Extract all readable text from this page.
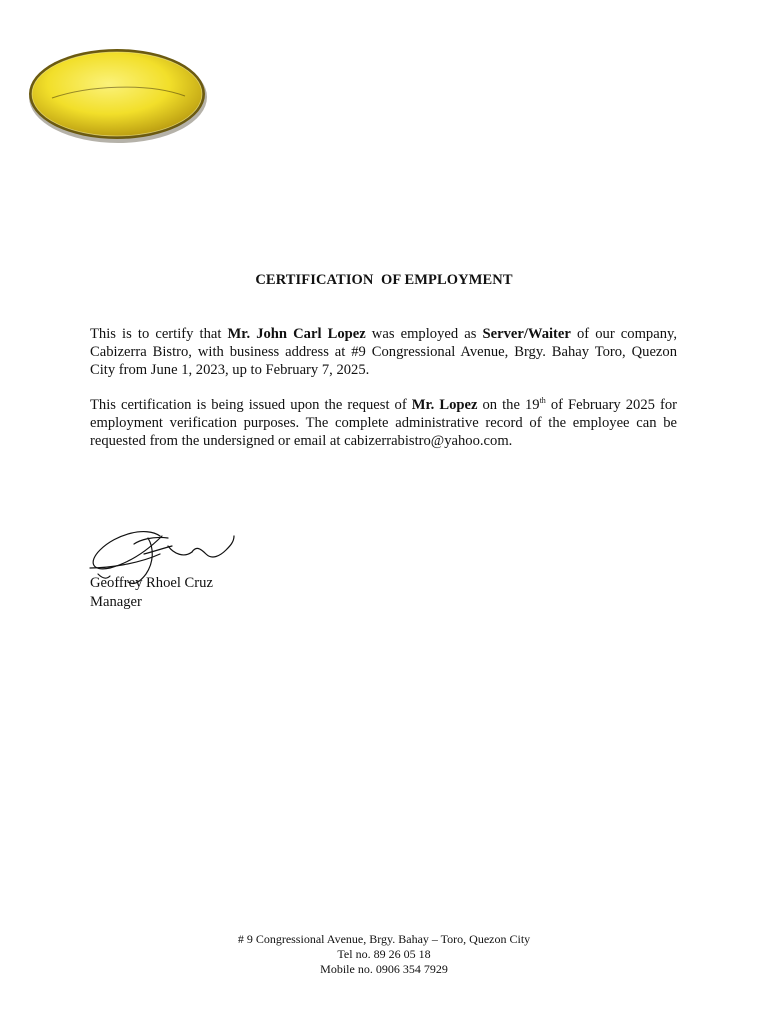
CERTIFICATION  OF EMPLOYMENT
This is to certify that Mr. John Carl Lopez was employed as Server/Waiter of our company, Cabizerra Bistro, with business address at #9 Congressional Avenue, Brgy. Bahay Toro, Quezon City from June 1, 2023, up to February 7, 2025.
This certification is being issued upon the request of Mr. Lopez on the 19th of February 2025 for employment verification purposes. The complete administrative record of the employee can be requested from the undersigned or email at cabizerrabistro@yahoo.com.
Geoffrey Rhoel Cruz
Manager
# 9 Congressional Avenue, Brgy. Bahay – Toro, Quezon City
Tel no. 89 26 05 18
Mobile no. 0906 354 7929
